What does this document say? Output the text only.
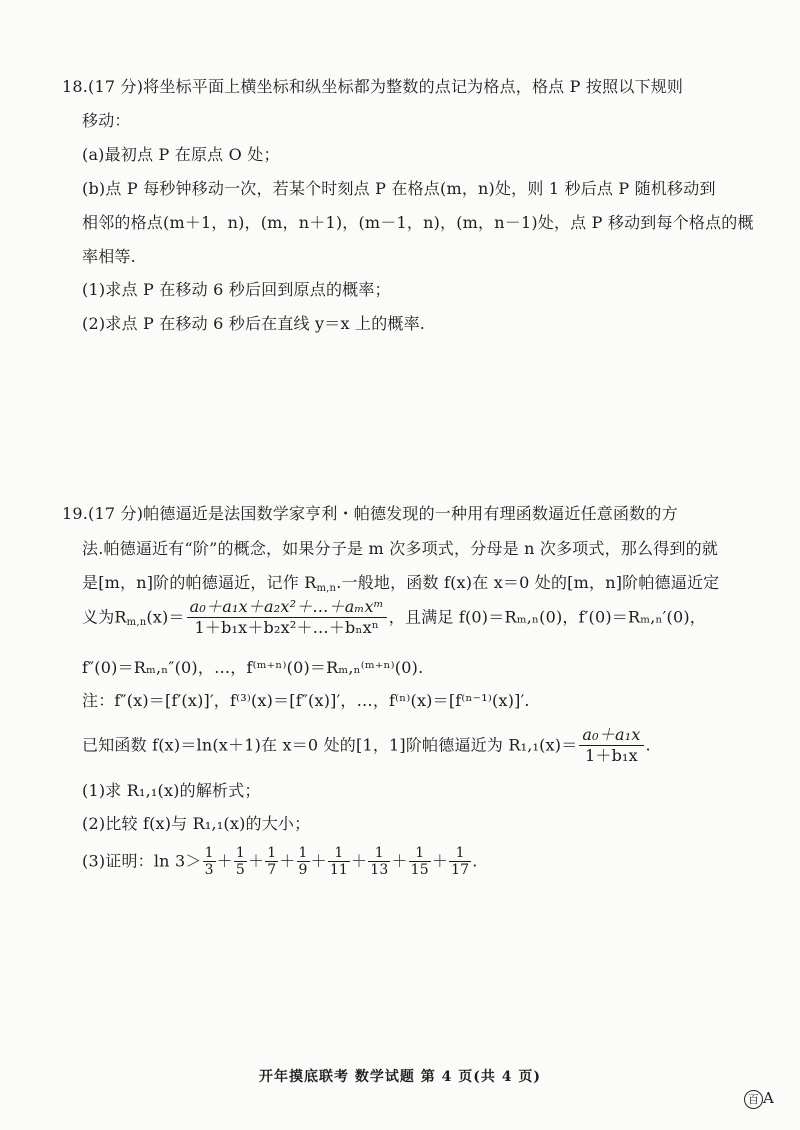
18.(17 分)将坐标平面上横坐标和纵坐标都为整数的点记为格点，格点 P 按照以下规则
移动：
(a)最初点 P 在原点 O 处；
(b)点 P 每秒钟移动一次，若某个时刻点 P 在格点(m，n)处，则 1 秒后点 P 随机移动到
相邻的格点(m＋1，n)，(m，n＋1)，(m－1，n)，(m，n－1)处，点 P 移动到每个格点的概
率相等.
(1)求点 P 在移动 6 秒后回到原点的概率；
(2)求点 P 在移动 6 秒后在直线 y＝x 上的概率.
19.(17 分)帕德逼近是法国数学家亨利・帕德发现的一种用有理函数逼近任意函数的方
法.帕德逼近有“阶”的概念，如果分子是 m 次多项式，分母是 n 次多项式，那么得到的就
是[m，n]阶的帕德逼近，记作 $R_{m,n}$.一般地，函数 f(x)在 x＝0 处的[m，n]阶帕德逼近定
义为$R_{m,n}(x)= \frac{\text{a₀＋a₁x＋a₂x²＋…＋aₘxᵐ}}{\text{1＋b₁x＋b₂x²＋…＋bₙxⁿ}}$ ，且满足 f(0)＝Rₘ,ₙ(0)，f′(0)＝Rₘ,ₙ′(0)，
f″(0)＝Rₘ,ₙ″(0)，…，f⁽ᵐ⁺ⁿ⁾(0)＝Rₘ,ₙ⁽ᵐ⁺ⁿ⁾(0).
注：f″(x)＝[f′(x)]′，f⁽³⁾(x)＝[f″(x)]′，…，f⁽ⁿ⁾(x)＝[f⁽ⁿ⁻¹⁾(x)]′.
已知函数 f(x)＝ln(x＋1)在 x＝0 处的[1，1]阶帕德逼近为 $R_1,_1(x)= \frac{\text{a₀＋a₁x}}{\text{1＋b₁x}}$ .
(1)求 R₁,₁(x)的解析式；
(2)比较 f(x)与 R₁,₁(x)的大小；
(3)证明：$\ln 3> \frac{1}{3} + \frac{1}{5} + \frac{1}{7} + \frac{1}{9} + \frac{1}{11} + \frac{1}{13} + \frac{1}{15} + \frac{1}{17}$ .
开年摸底联考 数学试题 第 4 页(共 4 页)
百 A
